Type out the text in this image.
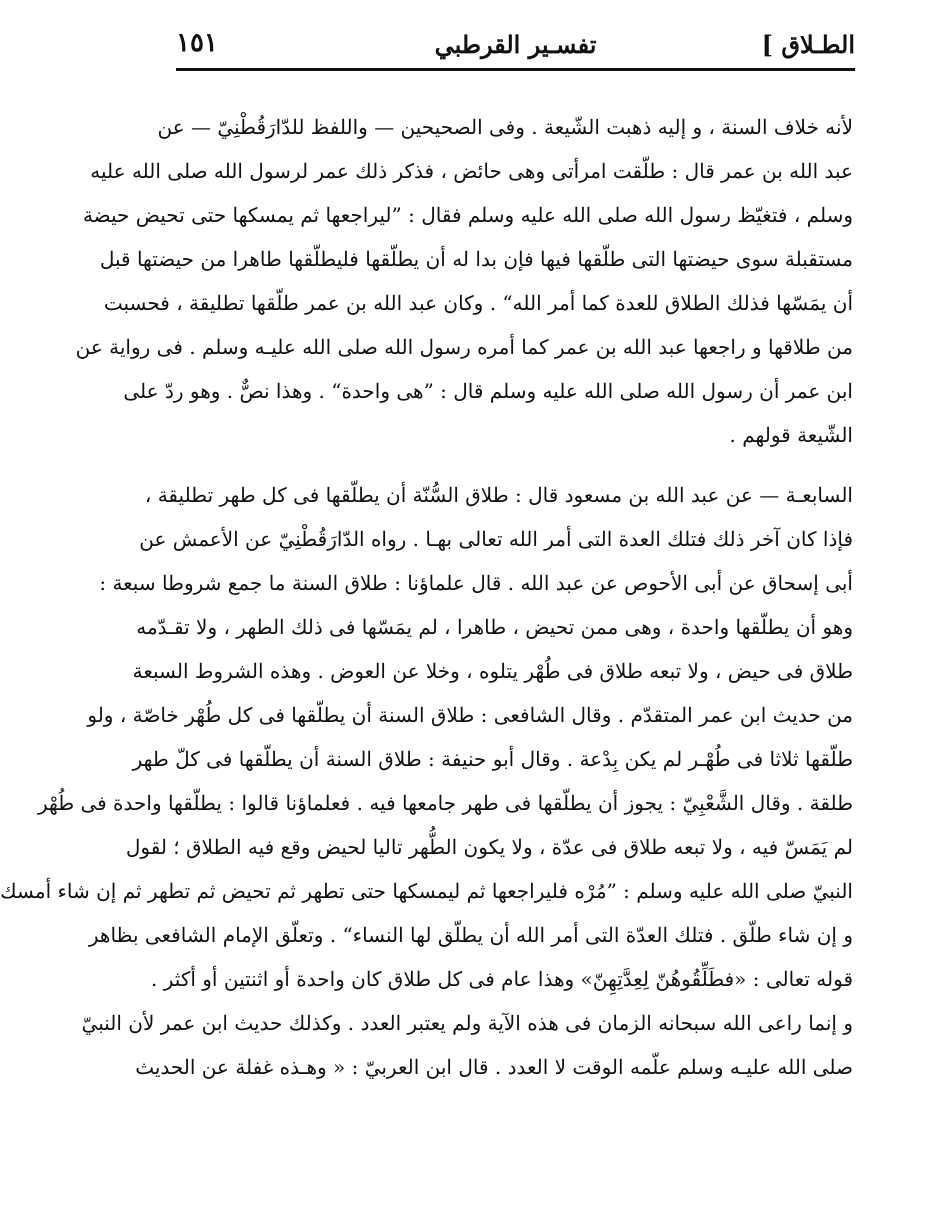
الطـلاق ]
تفسـير القرطبي
١٥١
لأنه خلاف السنة ، و إليه ذهبت الشّيعة . وفى الصحيحين — واللفظ للدّارَقُطْنِيّ — عن
عبد الله بن عمر قال : طلّقت امرأتى وهى حائض ، فذكر ذلك عمر لرسول الله صلى الله عليه
وسلم ، فتغيّظ رسول الله صلى الله عليه وسلم فقال : ”ليراجعها ثم يمسكها حتى تحيض حيضة
مستقبلة سوى حيضتها التى طلّقها فيها فإن بدا له أن يطلّقها فليطلّقها طاهرا من حيضتها قبل
أن يمَسّها فذلك الطلاق للعدة كما أمر الله“ . وكان عبد الله بن عمر طلّقها تطليقة ، فحسبت
من طلاقها و راجعها عبد الله بن عمر كما أمره رسول الله صلى الله عليـه وسلم . فى رواية عن
ابن عمر أن رسول الله صلى الله عليه وسلم قال : ”هى واحدة“ . وهذا نصٌّ . وهو ردّ على
الشّيعة قولهم .
السابعـة — عن عبد الله بن مسعود قال : طلاق السُّنّة أن يطلّقها فى كل طهر تطليقة ،
فإذا كان آخر ذلك فتلك العدة التى أمر الله تعالى بهـا . رواه الدّارَقُطْنِيّ عن الأعمش عن
أبى إسحاق عن أبى الأحوص عن عبد الله . قال علماؤنا : طلاق السنة ما جمع شروطا سبعة :
وهو أن يطلّقها واحدة ، وهى ممن تحيض ، طاهرا ، لم يمَسّها فى ذلك الطهر ، ولا تقـدّمه
طلاق فى حيض ، ولا تبعه طلاق فى طُهْر يتلوه ، وخلا عن العوض . وهذه الشروط السبعة
من حديث ابن عمر المتقدّم . وقال الشافعى : طلاق السنة أن يطلّقها فى كل طُهْر خاصّة ، ولو
طلّقها ثلاثا فى طُهْـر لم يكن بِدْعة . وقال أبو حنيفة : طلاق السنة أن يطلّقها فى كلّ طهر
طلقة . وقال الشَّعْبِيّ : يجوز أن يطلّقها فى طهر جامعها فيه . فعلماؤنا قالوا : يطلّقها واحدة فى طُهْر
لم يَمَسّ فيه ، ولا تبعه طلاق فى عدّة ، ولا يكون الطُّهر تاليا لحيض وقع فيه الطلاق ؛ لقول
النبيّ صلى الله عليه وسلم : ”مُرْه فليراجعها ثم ليمسكها حتى تطهر ثم تحيض ثم تطهر ثم إن شاء أمسك
و إن شاء طلّق . فتلك العدّة التى أمر الله أن يطلّق لها النساء“ . وتعلّق الإمام الشافعى بظاهر
قوله تعالى : «فطَلِّقُوهُنّ لِعِدَّتِهِنّ» وهذا عام فى كل طلاق كان واحدة أو اثنتين أو أكثر .
و إنما راعى الله سبحانه الزمان فى هذه الآية ولم يعتبر العدد . وكذلك حديث ابن عمر لأن النبيّ
صلى الله عليـه وسلم علّمه الوقت لا العدد . قال ابن العربيّ : « وهـذه غفلة عن الحديث
